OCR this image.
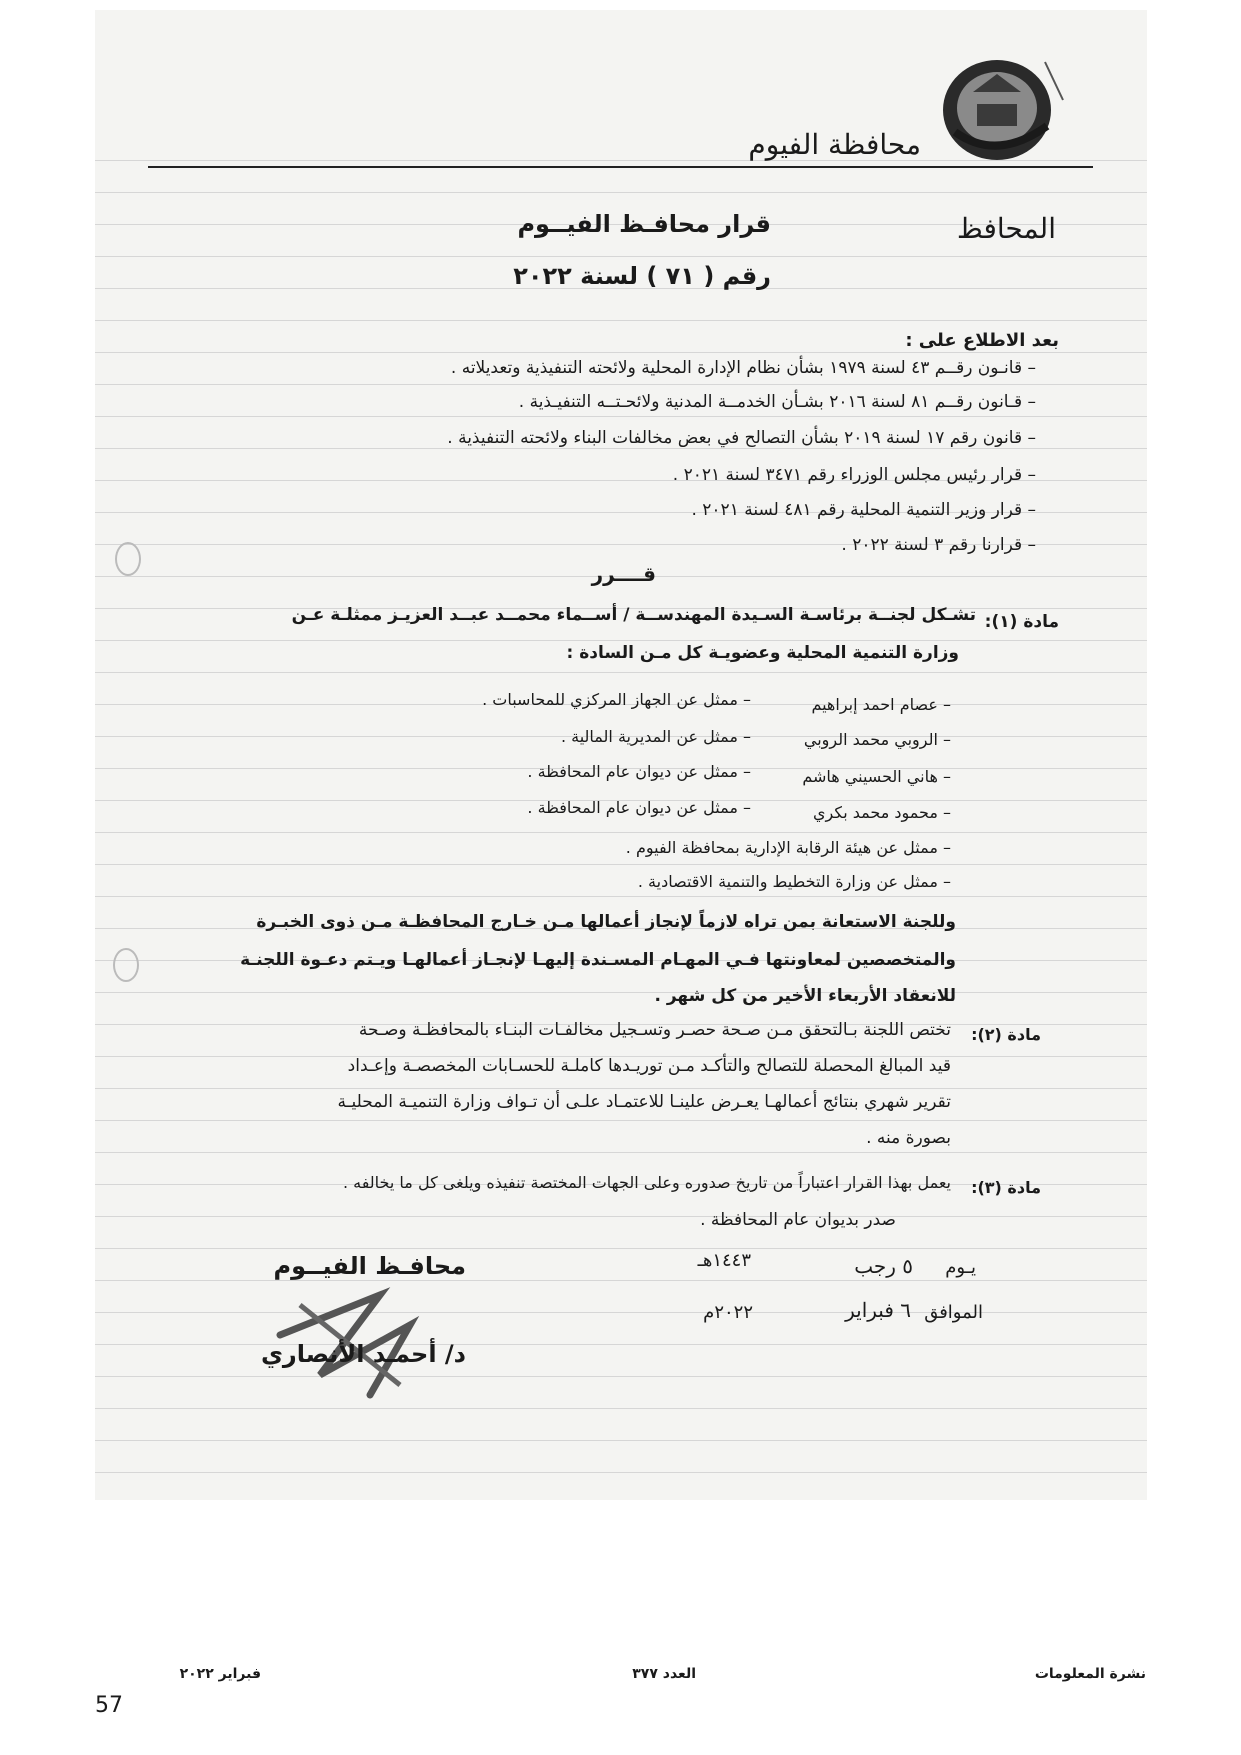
محافظة الفيوم
المحافظ
قرار محافـظ الفيــوم
رقم ( ٧١ ) لسنة ٢٠٢٢
بعد الاطلاع على :
– قانـون رقــم ٤٣ لسنة ١٩٧٩ بشأن نظام الإدارة المحلية ولائحته التنفيذية وتعديلاته .
– قـانون رقــم ٨١ لسنة ٢٠١٦ بشـأن الخدمــة المدنية ولائحـتــه التنفيـذية .
– قانون رقم ١٧ لسنة ٢٠١٩ بشأن التصالح في بعض مخالفات البناء ولائحته التنفيذية .
– قرار رئيس مجلس الوزراء رقم ٣٤٧١ لسنة ٢٠٢١ .
– قرار وزير التنمية المحلية رقم ٤٨١ لسنة ٢٠٢١ .
– قرارنا رقم ٣ لسنة ٢٠٢٢ .
قــــرر
مادة (١):
تشـكل لجنــة برئاسـة السـيدة المهندســة / أســماء محمــد عبــد العزيـز ممثلـة عـن
وزارة التنمية المحلية وعضويـة كل مـن السادة :
– عصام احمد إبراهيم
– ممثل عن الجهاز المركزي للمحاسبات .
– الروبي محمد الروبي
– ممثل عن المديرية المالية .
– هاني الحسيني هاشم
– ممثل عن ديوان عام المحافظة .
– محمود محمد بكري
– ممثل عن ديوان عام المحافظة .
– ممثل عن هيئة الرقابة الإدارية بمحافظة الفيوم .
– ممثل عن وزارة التخطيط والتنمية الاقتصادية .
وللجنة الاستعانة بمن تراه لازماً لإنجاز أعمالها مـن خـارج المحافظـة مـن ذوى الخبـرة
والمتخصصين لمعاونتها فـي المهـام المسـندة إليهـا لإنجـاز أعمالهـا ويـتم دعـوة اللجنـة
للانعقاد الأربعاء الأخير من كل شهر .
مادة (٢):
تختص اللجنة بـالتحقق مـن صـحة حصـر وتسـجيل مخالفـات البنـاء بالمحافظـة وصـحة
قيد المبالغ المحصلة للتصالح والتأكـد مـن توريـدها كاملـة للحسـابات المخصصـة وإعـداد
تقرير شهري بنتائج أعمالهـا يعـرض علينـا للاعتمـاد علـى أن تـواف وزارة التنميـة المحليـة
بصورة منه .
مادة (٣):
يعمل بهذا القرار اعتباراً من تاريخ صدوره وعلى الجهات المختصة تنفيذه ويلغى كل ما يخالفه .
صدر بديوان عام المحافظة .
محافـظ الفيــوم
د/ أحمـد الأنصاري
يـوم
٥ رجب
١٤٤٣هـ
الموافق
٦ فبراير
٢٠٢٢م
نشرة المعلومات
العدد ٣٧٧
فبراير ٢٠٢٢
57
